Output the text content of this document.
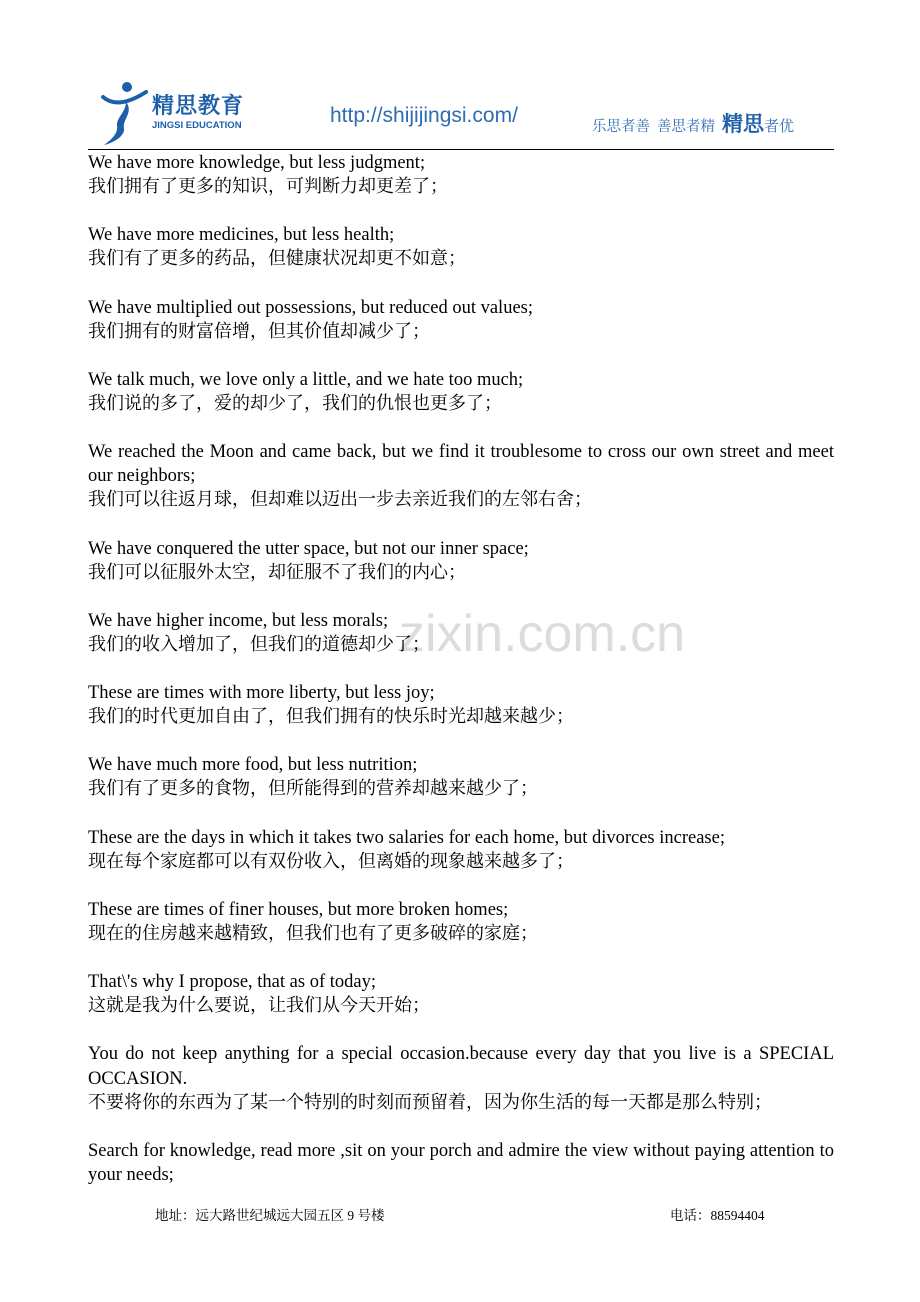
精思教育
JINGSI EDUCATION	http://shijijingsi.com/	乐思者善 善思者精 精思 者优
zixin.com.cn
We have more knowledge, but less judgment;
我们拥有了更多的知识，可判断力却更差了；
We have more medicines, but less health;
我们有了更多的药品，但健康状况却更不如意；
We have multiplied out possessions, but reduced out values;
我们拥有的财富倍增，但其价值却减少了；
We talk much, we love only a little, and we hate too much;
我们说的多了，爱的却少了，我们的仇恨也更多了；
We reached the Moon and came back, but we find it troublesome to cross our own street and meet our neighbors;
我们可以往返月球，但却难以迈出一步去亲近我们的左邻右舍；
We have conquered the utter space, but not our inner space;
我们可以征服外太空，却征服不了我们的内心；
We have higher income, but less morals;
我们的收入增加了，但我们的道德却少了；
These are times with more liberty, but less joy;
我们的时代更加自由了，但我们拥有的快乐时光却越来越少；
We have much more food, but less nutrition;
我们有了更多的食物，但所能得到的营养却越来越少了；
These are the days in which it takes two salaries for each home, but divorces increase;
现在每个家庭都可以有双份收入，但离婚的现象越来越多了；
These are times of finer houses, but more broken homes;
现在的住房越来越精致，但我们也有了更多破碎的家庭；
That\'s why I propose, that as of today;
这就是我为什么要说，让我们从今天开始；
You do not keep anything for a special occasion.because every day that you live is a SPECIAL OCCASION.
不要将你的东西为了某一个特别的时刻而预留着，因为你生活的每一天都是那么特别；
Search for knowledge, read more ,sit on your porch and admire the view without paying attention to your needs;
地址：远大路世纪城远大园五区 9 号楼	电话：88594404
